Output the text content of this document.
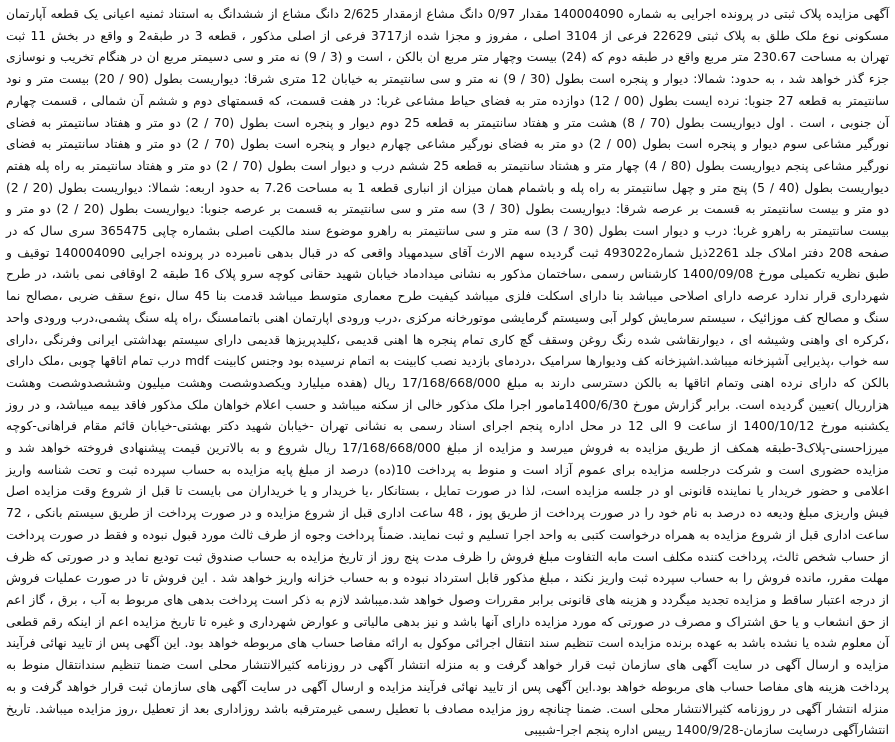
آگهی مزایده پلاک ثبتی در پرونده اجرایی به شماره 140004090 مقدار 0/97 دانگ مشاع ازمقدار 2/625 دانگ مشاع از ششدانگ به استناد ثمنیه اعیانی یک قطعه آپارتمان مسکونی نوع ملک طلق به پلاک ثبتی 22629 فرعی از 3104 اصلی ، مفروز و مجزا شده از3717 فرعی از اصلی مذکور ، قطعه 3 در طبقه2 و واقع در بخش 11 ثبت تهران به مساحت 230.67 متر مربع واقع در طبقه دوم که (24) بیست وچهار متر مربع ان بالکن ، است و (3 / 9) نه متر و سی دسیمتر مربع ان در هنگام تخریب و نوسازی جزء گذر خواهد شد ، به حدود: شمالا: دیوار و پنجره است بطول (30 / 9) نه متر و سی سانتیمتر به خیابان 12 متری شرقا: دیواریست بطول (90 / 20) بیست متر و نود سانتیمتر به قطعه 27 جنوبا: نرده ایست بطول (00 / 12) دوازده متر به فضای حیاط مشاعی غربا: در هفت قسمت، که قسمتهای دوم و ششم آن شمالی ، قسمت چهارم آن جنوبی ، است . اول دیواریست بطول (70 / 8) هشت متر و هفتاد سانتیمتر به قطعه 25 دوم دیوار و پنجره است بطول (70 / 2) دو متر و هفتاد سانتیمتر به فضای نورگیر مشاعی سوم دیوار و پنجره است بطول (00 / 2) دو متر به فضای نورگیر مشاعی چهارم دیوار و پنجره است بطول (70 / 2) دو متر و هفتاد سانتیمتر به فضای نورگیر مشاعی پنجم دیواریست بطول (80 / 4) چهار متر و هشتاد سانتیمتر به قطعه 25 ششم درب و دیوار است بطول (70 / 2) دو متر و هفتاد سانتیمتر به راه پله هفتم دیواریست بطول (40 / 5) پنج متر و چهل سانتیمتر به راه پله و باشمام همان میزان از انباری قطعه 1 به مساحت 7.26 به حدود اربعه: شمالا: دیواریست بطول (20 / 2) دو متر و بیست سانتیمتر به قسمت بر عرصه شرقا: دیواریست بطول (30 / 3) سه متر و سی سانتیمتر به قسمت بر عرصه جنوبا: دیواریست بطول (20 / 2) دو متر و بیست سانتیمتر به راهرو غربا: درب و دیوار است بطول (30 / 3) سه متر و سی سانتیمتر به راهرو موضوع سند مالکیت اصلی بشماره چاپی 365475 سری سال که در صفحه 208 دفتر املاک جلد 2261ذیل شماره493022 ثبت گردیده سهم الارث آقای سیدمهیاد واقعی که در قبال بدهی نامبرده در پرونده اجرایی 140004090 توقیف و طبق نظریه تکمیلی مورخ 1400/09/08 کارشناس رسمی ،ساختمان مذکور به نشانی میدادماد خیابان شهید حقانی کوچه سرو پلاک 16 طبقه 2 اوقافی نمی باشد، در طرح شهرداری قرار ندارد عرصه دارای اصلاحی میباشد بنا دارای اسکلت فلزی میباشد کیفیت طرح معماری متوسط میباشد قدمت بنا 45 سال ،نوع سقف ضربی ،مصالح نما سنگ و مصالح کف موزائیک ، سیستم سرمایش کولر آبی وسیستم گرمایشی موتورخانه مرکزی ،درب ورودی اپارتمان اهنی باتمامسنگ ،راه پله سنگ پشمی،درب ورودی واحد ،کرکره ای واهنی وشیشه ای ، دیوارنقاشی شده رنگ روغن وسقف گچ کاری تمام پنجره ها اهنی قدیمی ،کلیدپریزها قدیمی دارای سیستم بهداشتی ایرانی وفرنگی ،دارای سه خواب ،پذیرایی آشپزخانه میباشد.اشپزخانه کف ودیوارها سرامیک ،دردمای بازدید نصب کابینت به اتمام نرسیده بود وجنس کابینت mdf درب تمام اتاقها چوبی ،ملک دارای بالکن که دارای نرده اهنی وتمام اتاقها به بالکن دسترسی دارند به مبلغ 17/168/668/000 ریال (هفده میلیارد ویکصدوشصت وهشت میلیون وششصدوشصت وهشت هزارریال )تعیین گردیده است. برابر گزارش مورخ 1400/6/30مامور اجرا ملک مذکور خالی از سکنه میباشد و حسب اعلام خواهان ملک مذکور فاقد بیمه میباشد، و در روز یکشنبه مورخ 1400/10/12 از ساعت 9 الی 12 در محل اداره پنجم اجرای اسناد رسمی به نشانی تهران -خیابان شهید دکتر بهشتی-خیابان قائم مقام فراهانی-کوچه میرزاحسنی-پلاک3-طبقه همکف از طریق مزایده به فروش میرسد و مزایده از مبلغ 17/168/668/000 ریال شروع و به بالاترین قیمت پیشنهادی فروخته خواهد شد و مزایده حضوری است و شرکت درجلسه مزایده برای عموم آزاد است و منوط به پرداخت 10(ده) درصد از مبلغ پایه مزایده به حساب سپرده ثبت و تحت شناسه واریز اعلامی و حضور خریدار یا نماینده قانونی او در جلسه مزایده است، لذا در صورت تمایل ، بستانکار ،یا خریدار و یا خریداران می بایست تا قبل از شروع وقت مزایده اصل فیش واریزی مبلغ ودیعه ده درصد به نام خود را در صورت پرداخت از طریق پوز ، 48 ساعت اداری قبل از شروع مزایده و در صورت پرداخت از طریق سیستم بانکی ، 72 ساعت اداری قبل از شروع مزایده به همراه درخواست کتبی به واحد اجرا تسلیم و ثبت نمایند. ضمناً پرداخت وجوه از طرف ثالث مورد قبول نبوده و فقط در صورت پرداخت از حساب شخص ثالث، پرداخت کننده مکلف است مابه التفاوت مبلغ فروش را ظرف مدت پنج روز از تاریخ مزایده به حساب صندوق ثبت تودیع نماید و در صورتی که ظرف مهلت مقرر، مانده فروش را به حساب سپرده ثبت واریز نکند ، مبلغ مذکور قابل استرداد نبوده و به حساب خزانه واریز خواهد شد . این فروش تا در صورت عملیات فروش از درجه اعتبار ساقط و مزایده تجدید میگردد و هزینه های قانونی برابر مقررات وصول خواهد شد.میباشد لازم به ذکر است پرداخت بدهی های مربوط به آب ، برق ، گاز اعم از حق انشعاب و یا حق اشتراک و مصرف در صورتی که مورد مزایده دارای آنها باشد و نیز بدهی مالیاتی و عوارض شهرداری و غیره تا تاریخ مزایده اعم از اینکه رقم قطعی آن معلوم شده یا نشده باشد به عهده برنده مزایده است تنظیم سند انتقال اجرائی موکول به ارائه مفاصا حساب های مربوطه خواهد بود. این آگهی پس از تایید نهائی فرآیند مزایده و ارسال آگهی در سایت آگهی های سازمان ثبت قرار خواهد گرفت و به منزله انتشار آگهی در روزنامه کثیرالانتشار محلی است ضمنا تنظیم سندانتقال منوط به پرداخت هزینه های مفاصا حساب های مربوطه خواهد بود.این آگهی پس از تایید نهائی فرآیند مزایده و ارسال آگهی در سایت آگهی های سازمان ثبت قرار خواهد گرفت و به منزله انتشار آگهی در روزنامه کثیرالانتشار محلی است. ضمنا چنانچه روز مزایده مصادف با تعطیل رسمی غیرمترقبه باشد روزاداری بعد از تعطیل ،روز مزایده میباشد. تاریخ انتشارآگهی درسایت سازمان-1400/9/28 رییس اداره پنجم اجرا-شبیبی
